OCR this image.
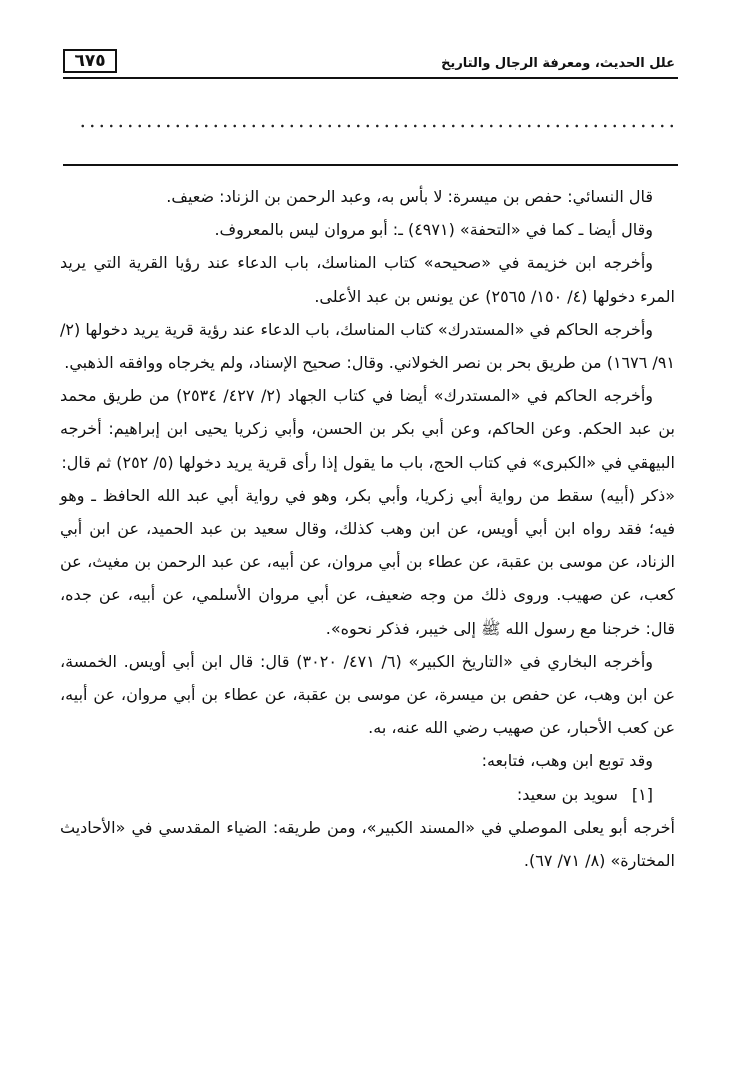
٦٧٥	علل الحديث، ومعرفة الرجال والتاريخ

قال النسائي: حفص بن ميسرة: لا بأس به، وعبد الرحمن بن الزناد: ضعيف.

وقال أيضا ـ كما في «التحفة» (٤٩٧١) ـ: أبو مروان ليس بالمعروف.

وأخرجه ابن خزيمة في «صحيحه» كتاب المناسك، باب الدعاء عند رؤيا القرية التي يريد المرء دخولها (٤/ ١٥٠/ ٢٥٦٥) عن يونس بن عبد الأعلى.

وأخرجه الحاكم في «المستدرك» كتاب المناسك، باب الدعاء عند رؤية قرية يريد دخولها (٢/ ٩١/ ١٦٧٦) من طريق بحر بن نصر الخولاني. وقال: صحيح الإسناد، ولم يخرجاه ووافقه الذهبي.

وأخرجه الحاكم في «المستدرك» أيضا في كتاب الجهاد (٢/ ٤٢٧/ ٢٥٣٤) من طريق محمد بن عبد الحكم. وعن الحاكم، وعن أبي بكر بن الحسن، وأبي زكريا يحيى ابن إبراهيم: أخرجه البيهقي في «الكبرى» في كتاب الحج، باب ما يقول إذا رأى قرية يريد دخولها (٥/ ٢٥٢) ثم قال:

«ذكر (أبيه) سقط من رواية أبي زكريا، وأبي بكر، وهو في رواية أبي عبد الله الحافظ ـ وهو فيه؛ فقد رواه ابن أبي أويس، عن ابن وهب كذلك، وقال سعيد بن عبد الحميد، عن ابن أبي الزناد، عن موسى بن عقبة، عن عطاء بن أبي مروان، عن أبيه، عن عبد الرحمن بن مغيث، عن كعب، عن صهيب. وروى ذلك من وجه ضعيف، عن أبي مروان الأسلمي، عن أبيه، عن جده، قال: خرجنا مع رسول الله ﷺ إلى خيبر، فذكر نحوه».

وأخرجه البخاري في «التاريخ الكبير» (٦/ ٤٧١/ ٣٠٢٠) قال: قال ابن أبي أويس. الخمسة، عن ابن وهب، عن حفص بن ميسرة، عن موسى بن عقبة، عن عطاء بن أبي مروان، عن أبيه، عن كعب الأحبار، عن صهيب رضي الله عنه، به.

وقد توبع ابن وهب، فتابعه:

[١]سويد بن سعيد:

أخرجه أبو يعلى الموصلي في «المسند الكبير»، ومن طريقه: الضياء المقدسي في «الأحاديث المختارة» (٨/ ٧١/ ٦٧).
